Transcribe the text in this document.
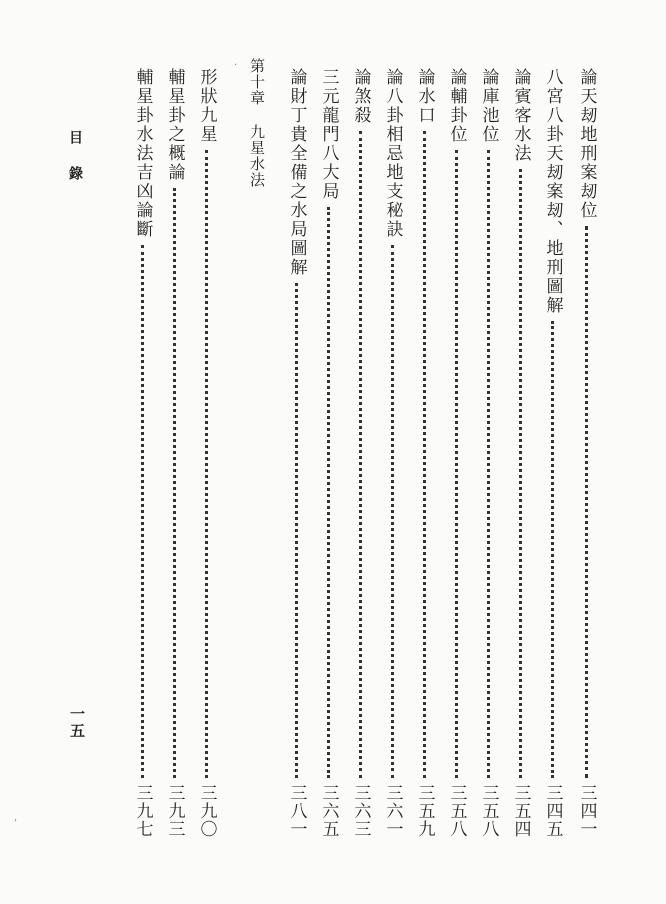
論天刼地刑案刼位
三四一
八宮八卦天刼案刼、地刑圖解
三四五
論賓客水法
三五四
論庫池位
三五八
論輔卦位
三五八
論水口
三五九
論八卦相忌地支秘訣
三六一
論煞殺
三六三
三元龍門八大局
三六五
論財丁貴全備之水局圖解
三八一
第十章九星水法
形狀九星
三九〇
輔星卦之概論
三九三
輔星卦水法吉凶論斷
三九七
目錄
一五
·
,
